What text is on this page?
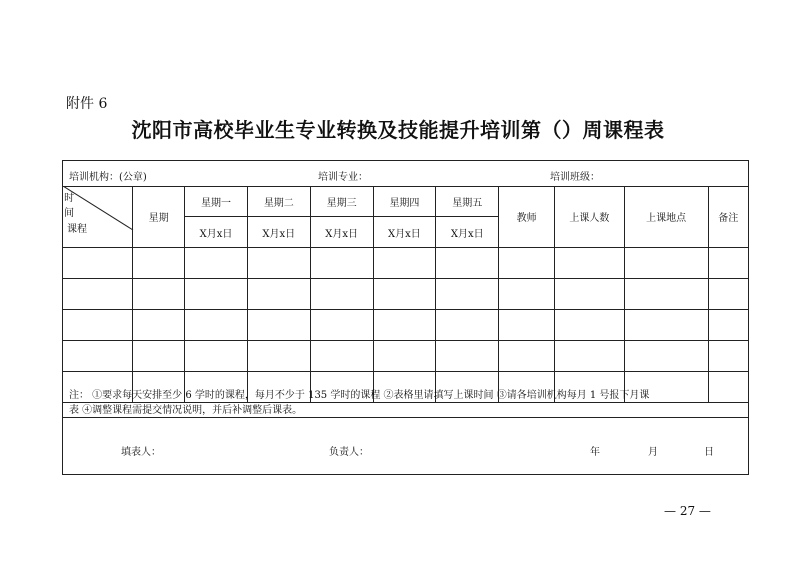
附件 6
沈阳市高校毕业生专业转换及技能提升培训第（）周课程表
培训机构：(公章)	培训专业：	培训班级：
时间
课程	星期	星期一	星期二	星期三	星期四	星期五	教师	上课人数	上课地点	备注
		X月x日	X月x日	X月x日	X月x日	X月x日				

注： ①要求每天安排至少 6 学时的课程，每月不少于 135 学时的课程 ②表格里请填写上课时间 ③请各培训机构每月 1 号报下月课
表 ④调整课程需提交情况说明，并后补调整后课表。
填表人：	负责人：	年	月	日
— 27 —
